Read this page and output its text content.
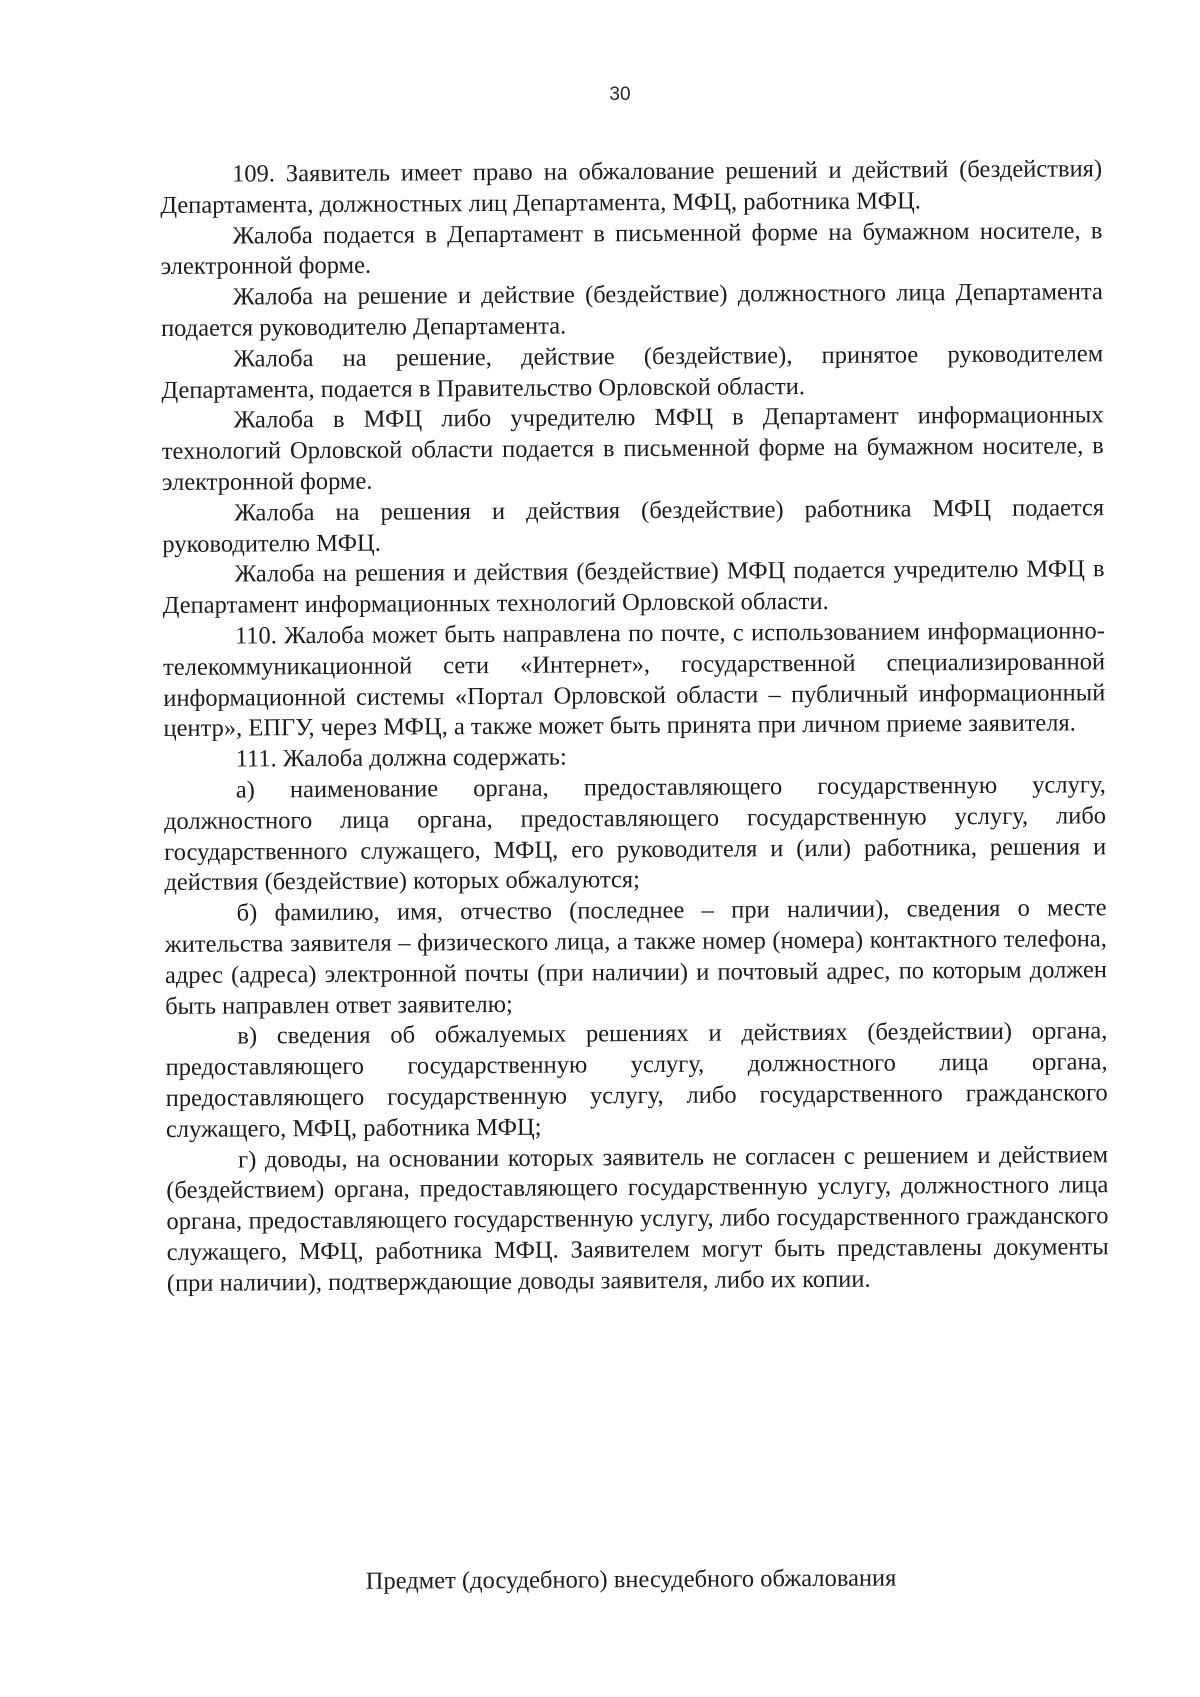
30

109. Заявитель имеет право на обжалование решений и действий (бездействия) Департамента, должностных лиц Департамента, МФЦ, работника МФЦ.

Жалоба подается в Департамент в письменной форме на бумажном носителе, в электронной форме.

Жалоба на решение и действие (бездействие) должностного лица Департамента подается руководителю Департамента.

Жалоба на решение, действие (бездействие), принятое руководителем Департамента, подается в Правительство Орловской области.

Жалоба в МФЦ либо учредителю МФЦ в Департамент информационных технологий Орловской области подается в письменной форме на бумажном носителе, в электронной форме.

Жалоба на решения и действия (бездействие) работника МФЦ подается руководителю МФЦ.

Жалоба на решения и действия (бездействие) МФЦ подается учредителю МФЦ в Департамент информационных технологий Орловской области.

110. Жалоба может быть направлена по почте, с использованием информационно-телекоммуникационной сети «Интернет», государственной специализированной информационной системы «Портал Орловской области – публичный информационный центр», ЕПГУ, через МФЦ, а также может быть принята при личном приеме заявителя.

111. Жалоба должна содержать:

а) наименование органа, предоставляющего государственную услугу, должностного лица органа, предоставляющего государственную услугу, либо государственного служащего, МФЦ, его руководителя и (или) работника, решения и действия (бездействие) которых обжалуются;

б) фамилию, имя, отчество (последнее – при наличии), сведения о месте жительства заявителя – физического лица, а также номер (номера) контактного телефона, адрес (адреса) электронной почты (при наличии) и почтовый адрес, по которым должен быть направлен ответ заявителю;

в) сведения об обжалуемых решениях и действиях (бездействии) органа, предоставляющего государственную услугу, должностного лица органа, предоставляющего государственную услугу, либо государственного гражданского служащего, МФЦ, работника МФЦ;

г) доводы, на основании которых заявитель не согласен с решением и действием (бездействием) органа, предоставляющего государственную услугу, должностного лица органа, предоставляющего государственную услугу, либо государственного гражданского служащего, МФЦ, работника МФЦ. Заявителем могут быть представлены документы (при наличии), подтверждающие доводы заявителя, либо их копии.

Предмет (досудебного) внесудебного обжалования
